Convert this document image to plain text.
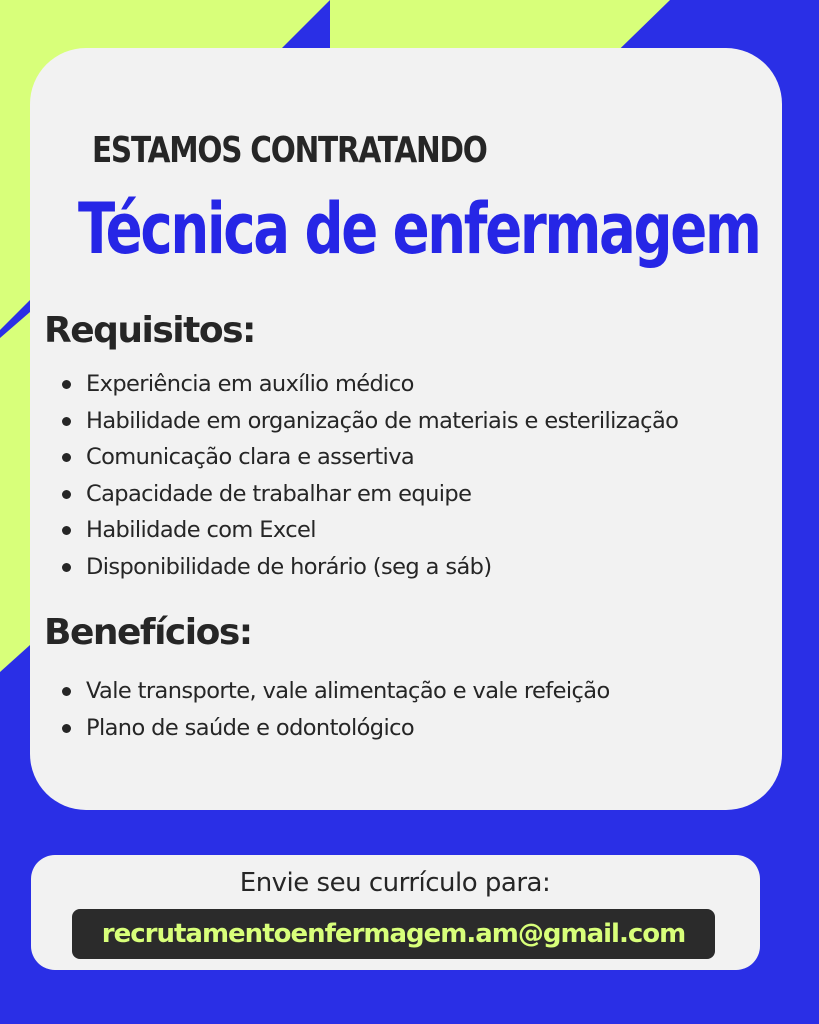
ESTAMOS CONTRATANDO
Técnica de enfermagem
Requisitos:
Experiência em auxílio médico
Habilidade em organização de materiais e esterilização
Comunicação clara e assertiva
Capacidade de trabalhar em equipe
Habilidade com Excel
Disponibilidade de horário (seg a sáb)
Benefícios:
Vale transporte, vale alimentação e vale refeição
Plano de saúde e odontológico
Envie seu currículo para:
recrutamentoenfermagem.am@gmail.com
